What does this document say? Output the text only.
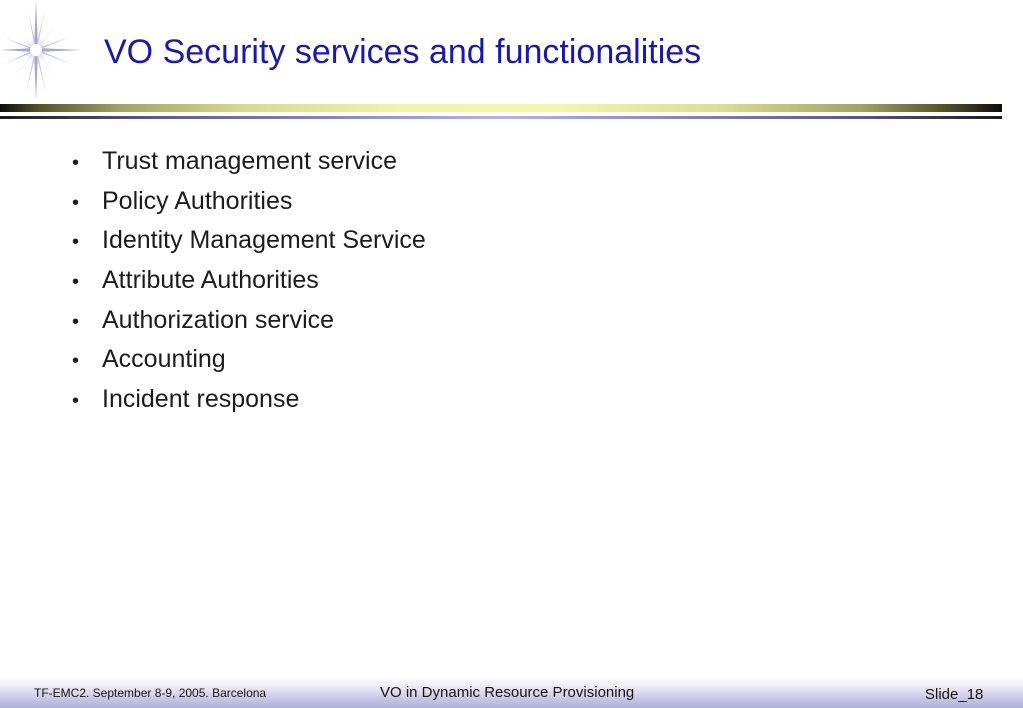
VO Security services and functionalities
• Trust management service
• Policy Authorities
• Identity Management Service
• Attribute Authorities
• Authorization service
• Accounting
• Incident response
TF-EMC2. September 8-9, 2005. Barcelona	VO in Dynamic Resource Provisioning	Slide_18
